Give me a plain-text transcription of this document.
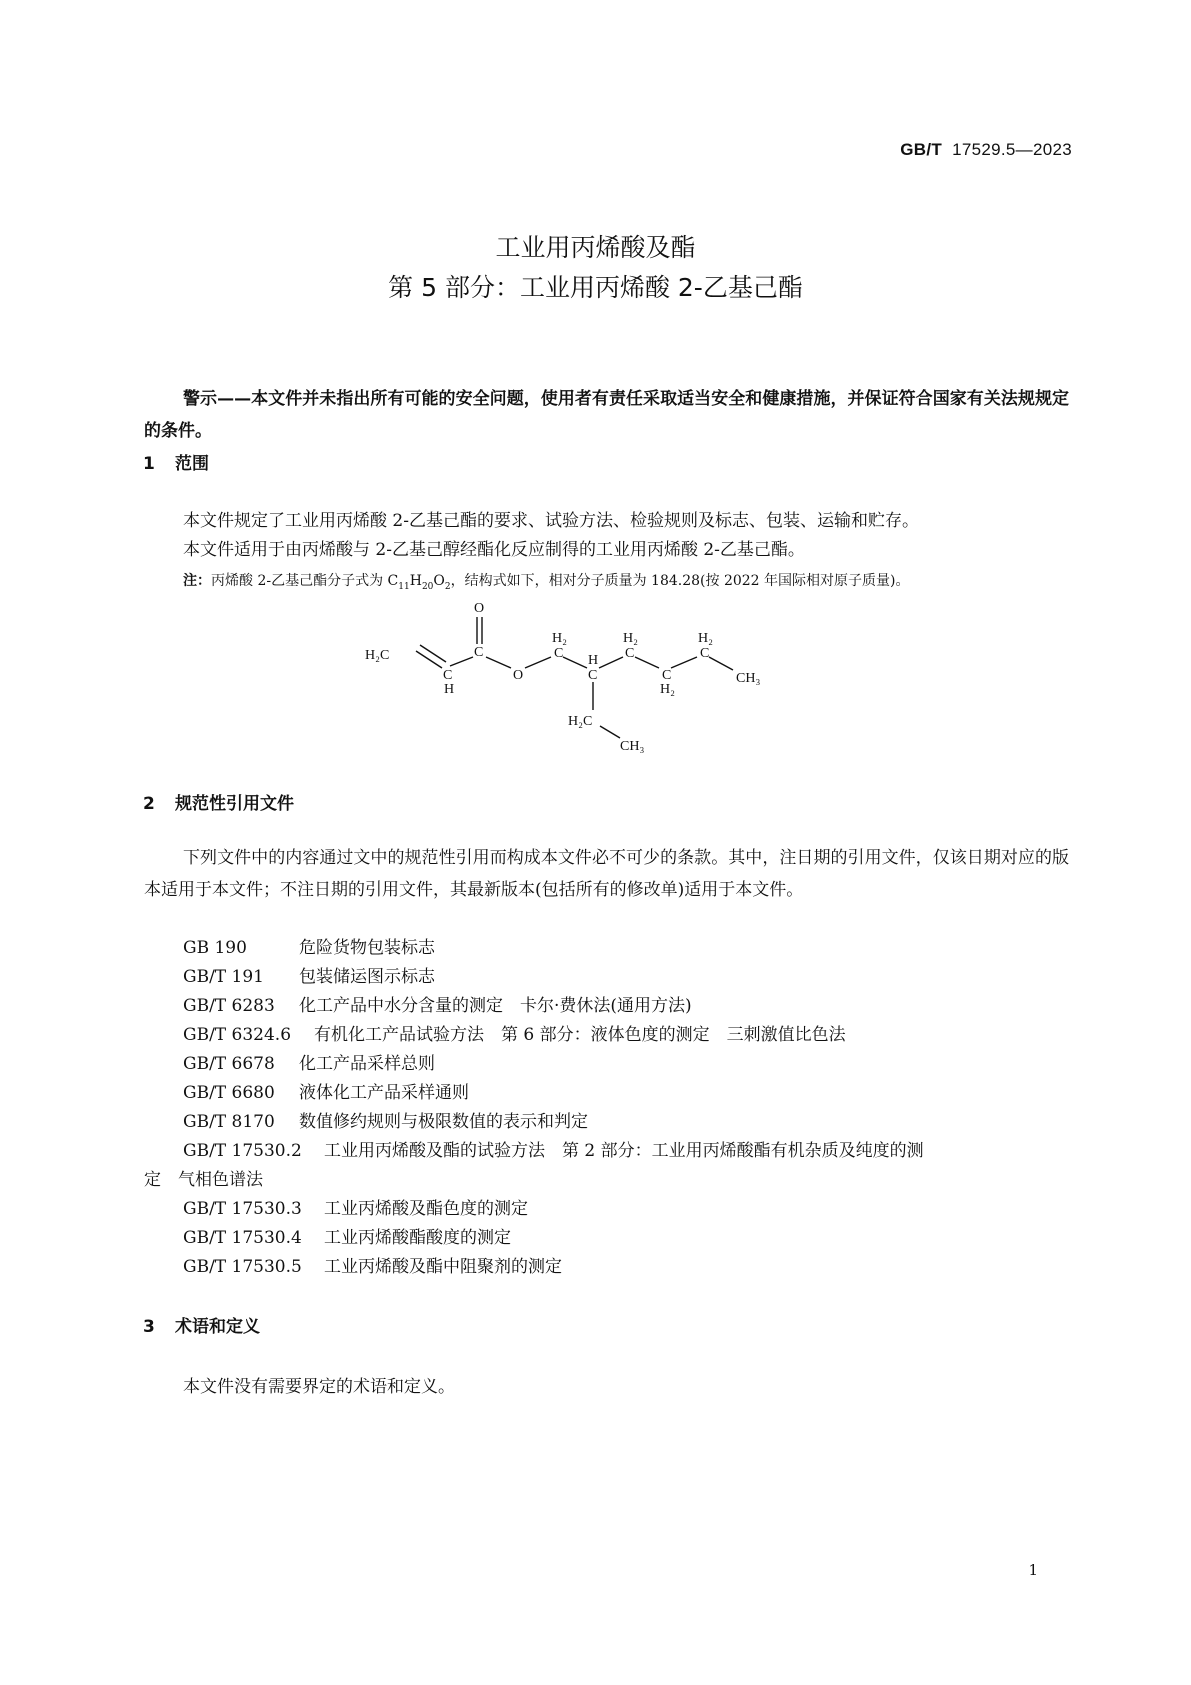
GB/T 17529.5—2023
工业用丙烯酸及酯
第 5 部分：工业用丙烯酸 2-乙基己酯
警示——本文件并未指出所有可能的安全问题，使用者有责任采取适当安全和健康措施，并保证符合国家有关法规规定的条件。
1 范围
本文件规定了工业用丙烯酸 2-乙基己酯的要求、试验方法、检验规则及标志、包装、运输和贮存。
本文件适用于由丙烯酸与 2-乙基己醇经酯化反应制得的工业用丙烯酸 2-乙基己酯。
注：丙烯酸 2-乙基己酯分子式为 $C_{11}H_{20}O_2$，结构式如下，相对分子质量为 184.28(按 2022 年国际相对原子质量)。
H₂C
C
H
C
O
O
H₂
C
C
H
H₂
C
C
H₂
H₂
C
CH₃
H₂C
CH₃
2 规范性引用文件
下列文件中的内容通过文中的规范性引用而构成本文件必不可少的条款。其中，注日期的引用文件，仅该日期对应的版本适用于本文件；不注日期的引用文件，其最新版本(包括所有的修改单)适用于本文件。
GB 190	危险货物包装标志
GB/T 191 包装储运图示标志
GB/T 6283 化工产品中水分含量的测定　卡尔·费休法(通用方法)
GB/T 6324.6 有机化工产品试验方法　第 6 部分：液体色度的测定　三刺激值比色法
GB/T 6678 化工产品采样总则
GB/T 6680 液体化工产品采样通则
GB/T 8170 数值修约规则与极限数值的表示和判定
GB/T 17530.2 工业用丙烯酸及酯的试验方法　第 2 部分：工业用丙烯酸酯有机杂质及纯度的测
定　气相色谱法
GB/T 17530.3 工业丙烯酸及酯色度的测定
GB/T 17530.4 工业丙烯酸酯酸度的测定
GB/T 17530.5 工业丙烯酸及酯中阻聚剂的测定
3 术语和定义
本文件没有需要界定的术语和定义。
1
